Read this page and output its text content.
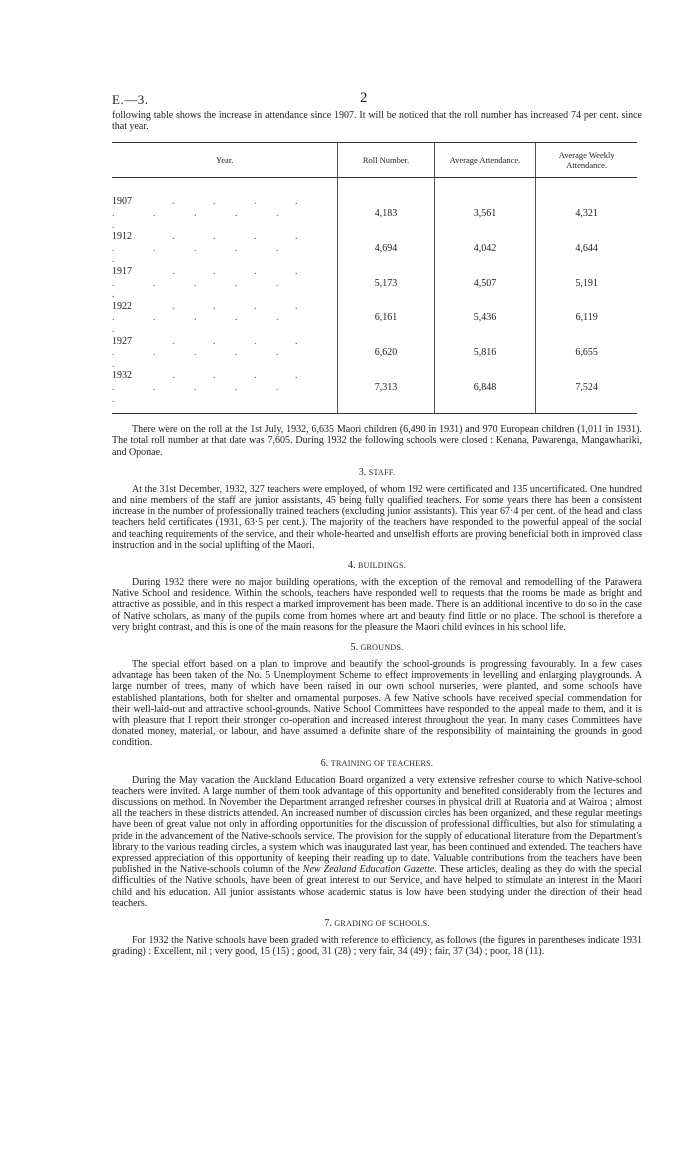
E.—3.	2

following table shows the increase in attendance since 1907. It will be noticed that the roll number has increased 74 per cent. since that year.

Year.	Roll Number.	Average Attendance.	Average Weekly Attendance.

1907 . . . . . . . . . .	4,183	3,561	4,321
1912 . . . . . . . . . .	4,694	4,042	4,644
1917 . . . . . . . . . .	5,173	4,507	5,191
1922 . . . . . . . . . .	6,161	5,436	6,119
1927 . . . . . . . . . .	6,620	5,816	6,655
1932 . . . . . . . . . .	7,313	6,848	7,524

There were on the roll at the 1st July, 1932, 6,635 Maori children (6,490 in 1931) and 970 European children (1,011 in 1931). The total roll number at that date was 7,605. During 1932 the following schools were closed : Kenana, Pawarenga, Mangawhariki, and Oponae.

3. STAFF.

At the 31st December, 1932, 327 teachers were employed, of whom 192 were certificated and 135 uncertificated. One hundred and nine members of the staff are junior assistants, 45 being fully qualified teachers. For some years there has been a consistent increase in the number of professionally trained teachers (excluding junior assistants). This year 67·4 per cent. of the head and class teachers held certificates (1931, 63·5 per cent.). The majority of the teachers have responded to the powerful appeal of the social and teaching requirements of the service, and their whole-hearted and unselfish efforts are proving beneficial both in improved class instruction and in the social uplifting of the Maori.

4. BUILDINGS.

During 1932 there were no major building operations, with the exception of the removal and remodelling of the Parawera Native School and residence. Within the schools, teachers have responded well to requests that the rooms be made as bright and attractive as possible, and in this respect a marked improvement has been made. There is an additional incentive to do so in the case of Native scholars, as many of the pupils come from homes where art and beauty find little or no place. The school is therefore a very bright contrast, and this is one of the main reasons for the pleasure the Maori child evinces in his school life.

5. GROUNDS.

The special effort based on a plan to improve and beautify the school-grounds is progressing favourably. In a few cases advantage has been taken of the No. 5 Unemployment Scheme to effect improvements in levelling and enlarging playgrounds. A large number of trees, many of which have been raised in our own school nurseries, were planted, and some schools have established plantations, both for shelter and ornamental purposes. A few Native schools have received special commendation for their well-laid-out and attractive school-grounds. Native School Committees have responded to the appeal made to them, and it is with pleasure that I report their stronger co-operation and increased interest throughout the year. In many cases Committees have donated money, material, or labour, and have assumed a definite share of the responsibility of maintaining the grounds in good condition.

6. TRAINING OF TEACHERS.

During the May vacation the Auckland Education Board organized a very extensive refresher course to which Native-school teachers were invited. A large number of them took advantage of this opportunity and benefited considerably from the lectures and discussions on method. In November the Department arranged refresher courses in physical drill at Ruatoria and at Wairoa ; almost all the teachers in these districts attended. An increased number of discussion circles has been organized, and these regular meetings have been of great value not only in affording opportunities for the discussion of professional difficulties, but also for stimulating a pride in the advancement of the Native-schools service. The provision for the supply of educational literature from the Department's library to the various reading circles, a system which was inaugurated last year, has been continued and extended. The teachers have expressed appreciation of this opportunity of keeping their reading up to date. Valuable contributions from the teachers have been published in the Native-schools column of the New Zealand Education Gazette. These articles, dealing as they do with the special difficulties of the Native schools, have been of great interest to our Service, and have helped to stimulate an interest in the Maori child and his education. All junior assistants whose academic status is low have been studying under the direction of their head teachers.

7. GRADING OF SCHOOLS.

For 1932 the Native schools have been graded with reference to efficiency, as follows (the figures in parentheses indicate 1931 grading) : Excellent, nil ; very good, 15 (15) ; good, 31 (28) ; very fair, 34 (49) ; fair, 37 (34) ; poor, 18 (11).
